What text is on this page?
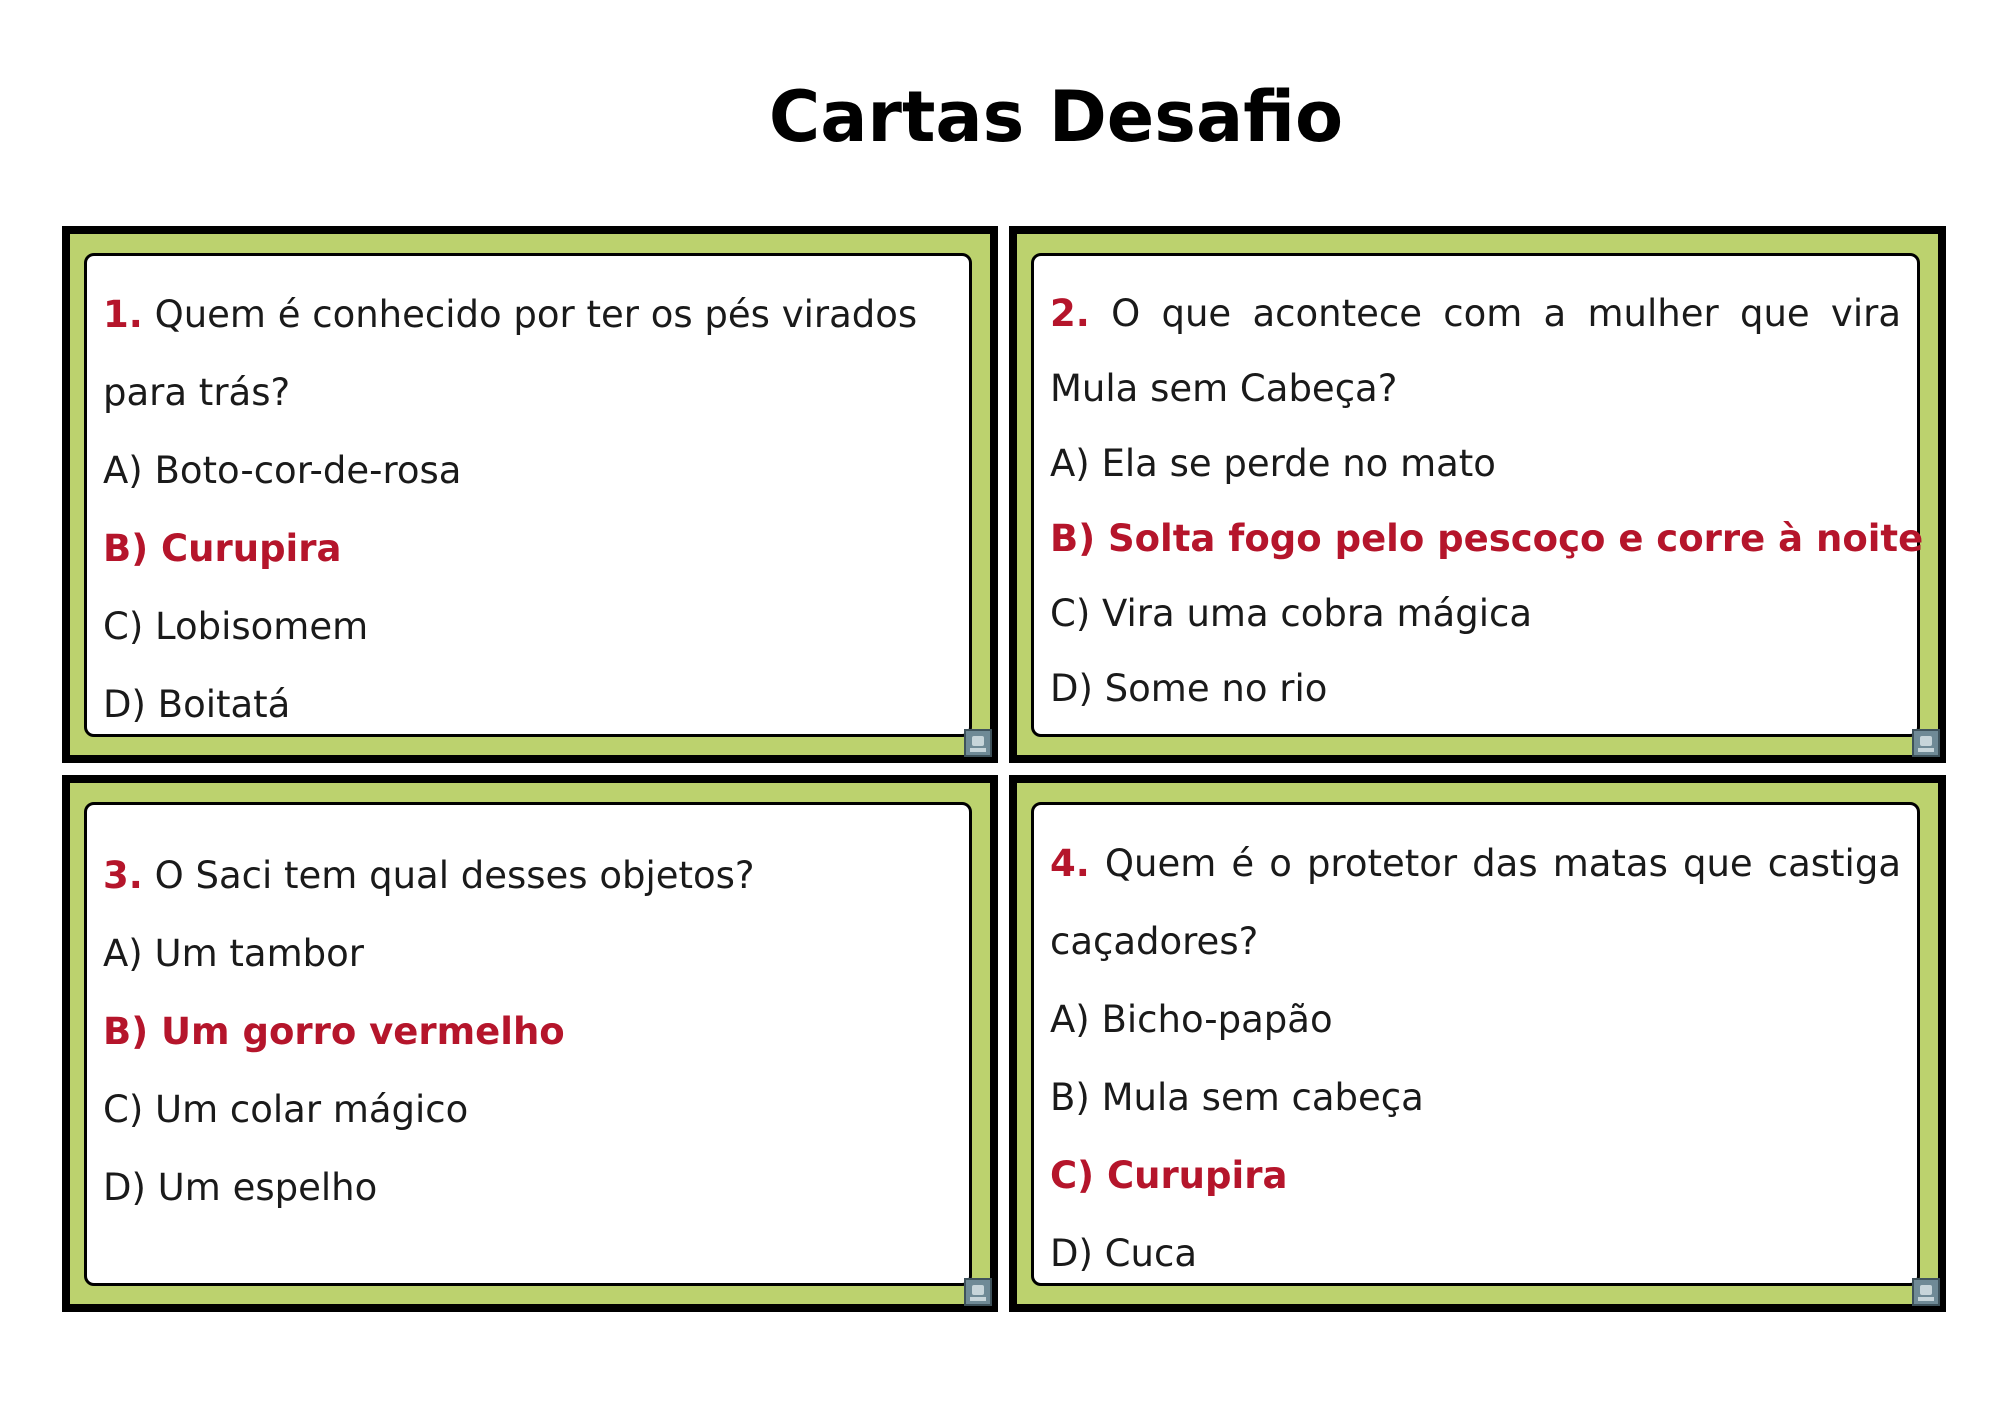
Cartas Desafio

1. Quem é conhecido por ter os pés virados para trás?

A) Boto-cor-de-rosa
B) Curupira
C) Lobisomem
D) Boitatá

2. O que acontece com a mulher que vira Mula sem Cabeça?

A) Ela se perde no mato
B) Solta fogo pelo pescoço e corre à noite
C) Vira uma cobra mágica
D) Some no rio

3. O Saci tem qual desses objetos?

A) Um tambor
B) Um gorro vermelho
C) Um colar mágico
D) Um espelho

4. Quem é o protetor das matas que castiga caçadores?

A) Bicho-papão
B) Mula sem cabeça
C) Curupira
D) Cuca
